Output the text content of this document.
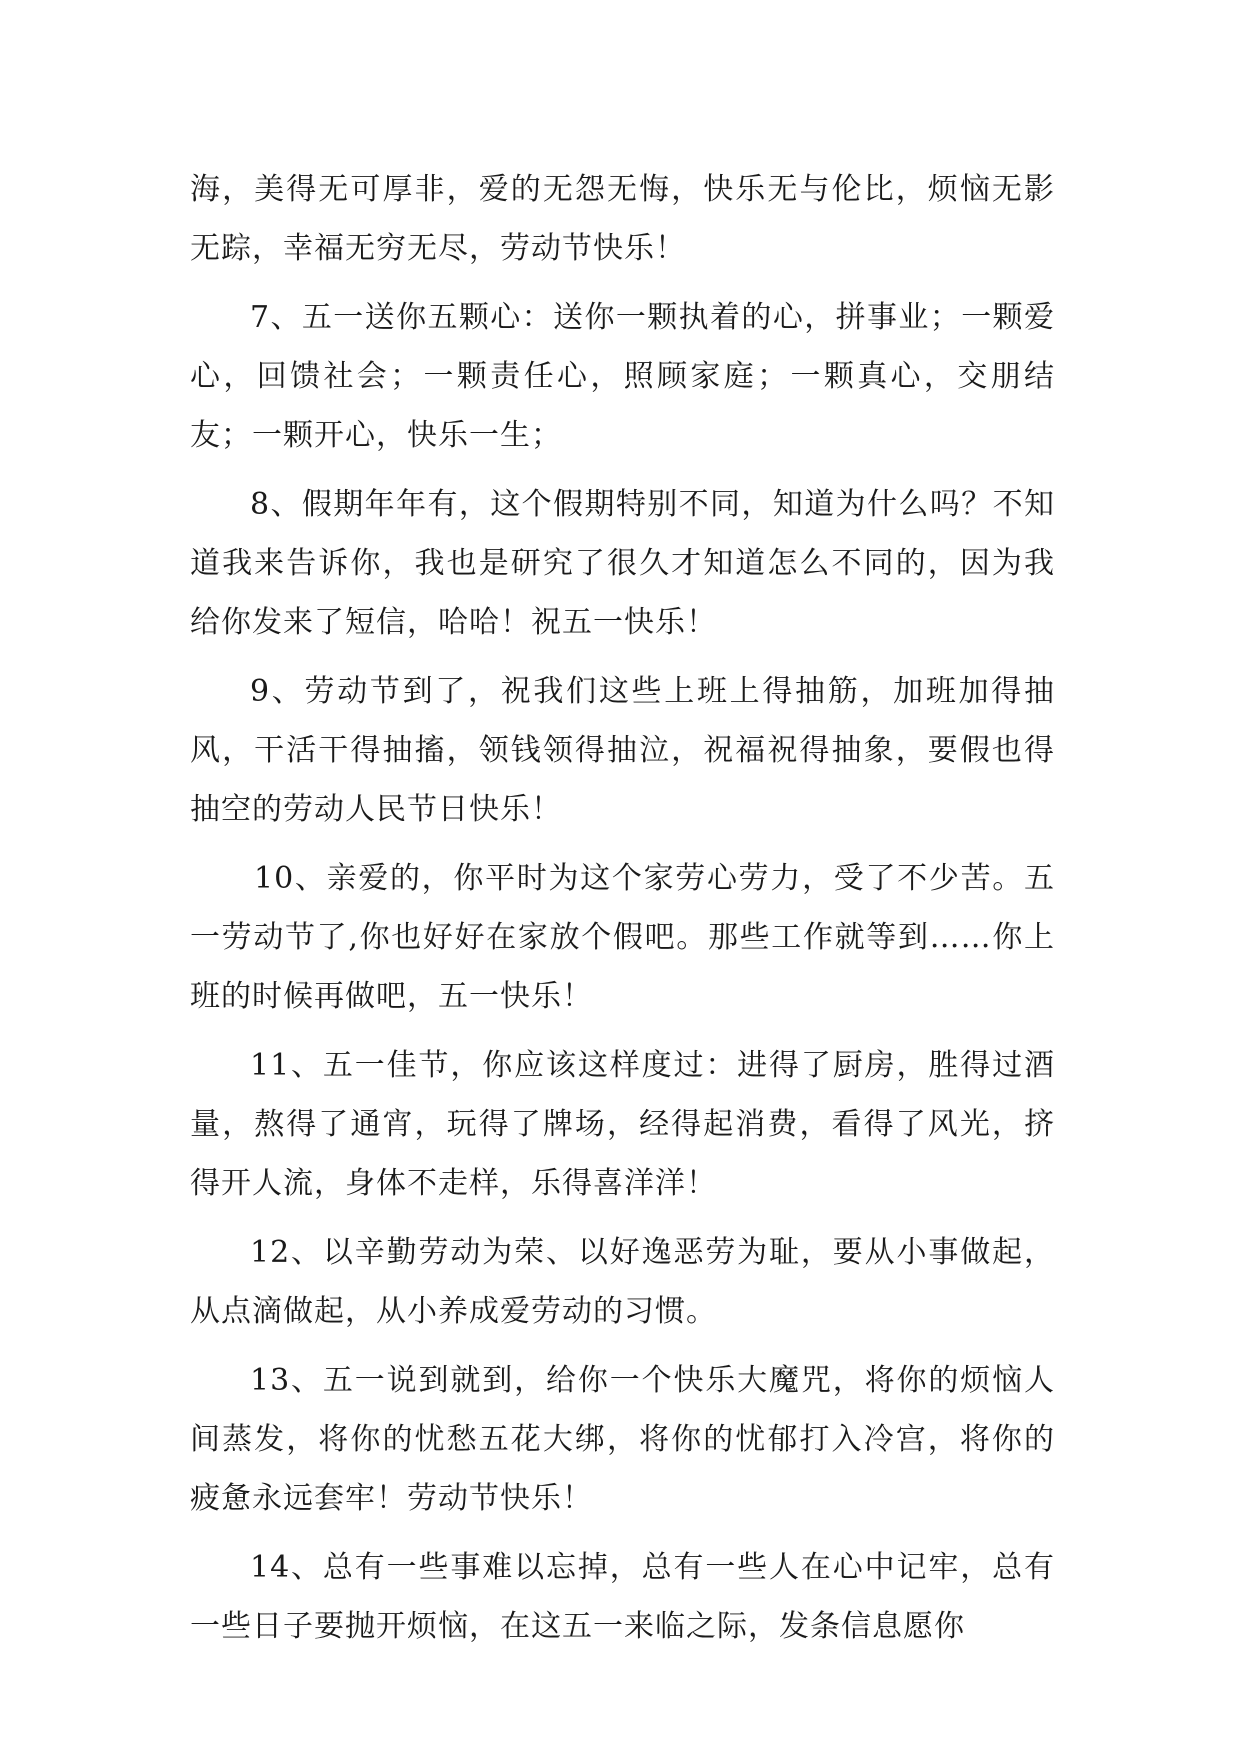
海，美得无可厚非，爱的无怨无悔，快乐无与伦比，烦恼无影无踪，幸福无穷无尽，劳动节快乐！

7、五一送你五颗心：送你一颗执着的心，拼事业；一颗爱心，回馈社会；一颗责任心，照顾家庭；一颗真心，交朋结友；一颗开心，快乐一生；

8、假期年年有，这个假期特别不同，知道为什么吗？不知道我来告诉你，我也是研究了很久才知道怎么不同的，因为我给你发来了短信，哈哈！祝五一快乐！

9、劳动节到了，祝我们这些上班上得抽筋，加班加得抽风，干活干得抽搐，领钱领得抽泣，祝福祝得抽象，要假也得抽空的劳动人民节日快乐！

10、亲爱的，你平时为这个家劳心劳力，受了不少苦。五一劳动节了,你也好好在家放个假吧。那些工作就等到……你上班的时候再做吧，五一快乐！

11、五一佳节，你应该这样度过：进得了厨房，胜得过酒量，熬得了通宵，玩得了牌场，经得起消费，看得了风光，挤得开人流，身体不走样，乐得喜洋洋！

12、以辛勤劳动为荣、以好逸恶劳为耻，要从小事做起，从点滴做起，从小养成爱劳动的习惯。

13、五一说到就到，给你一个快乐大魔咒，将你的烦恼人间蒸发，将你的忧愁五花大绑，将你的忧郁打入冷宫，将你的疲惫永远套牢！劳动节快乐！

14、总有一些事难以忘掉，总有一些人在心中记牢，总有一些日子要抛开烦恼，在这五一来临之际，发条信息愿你
